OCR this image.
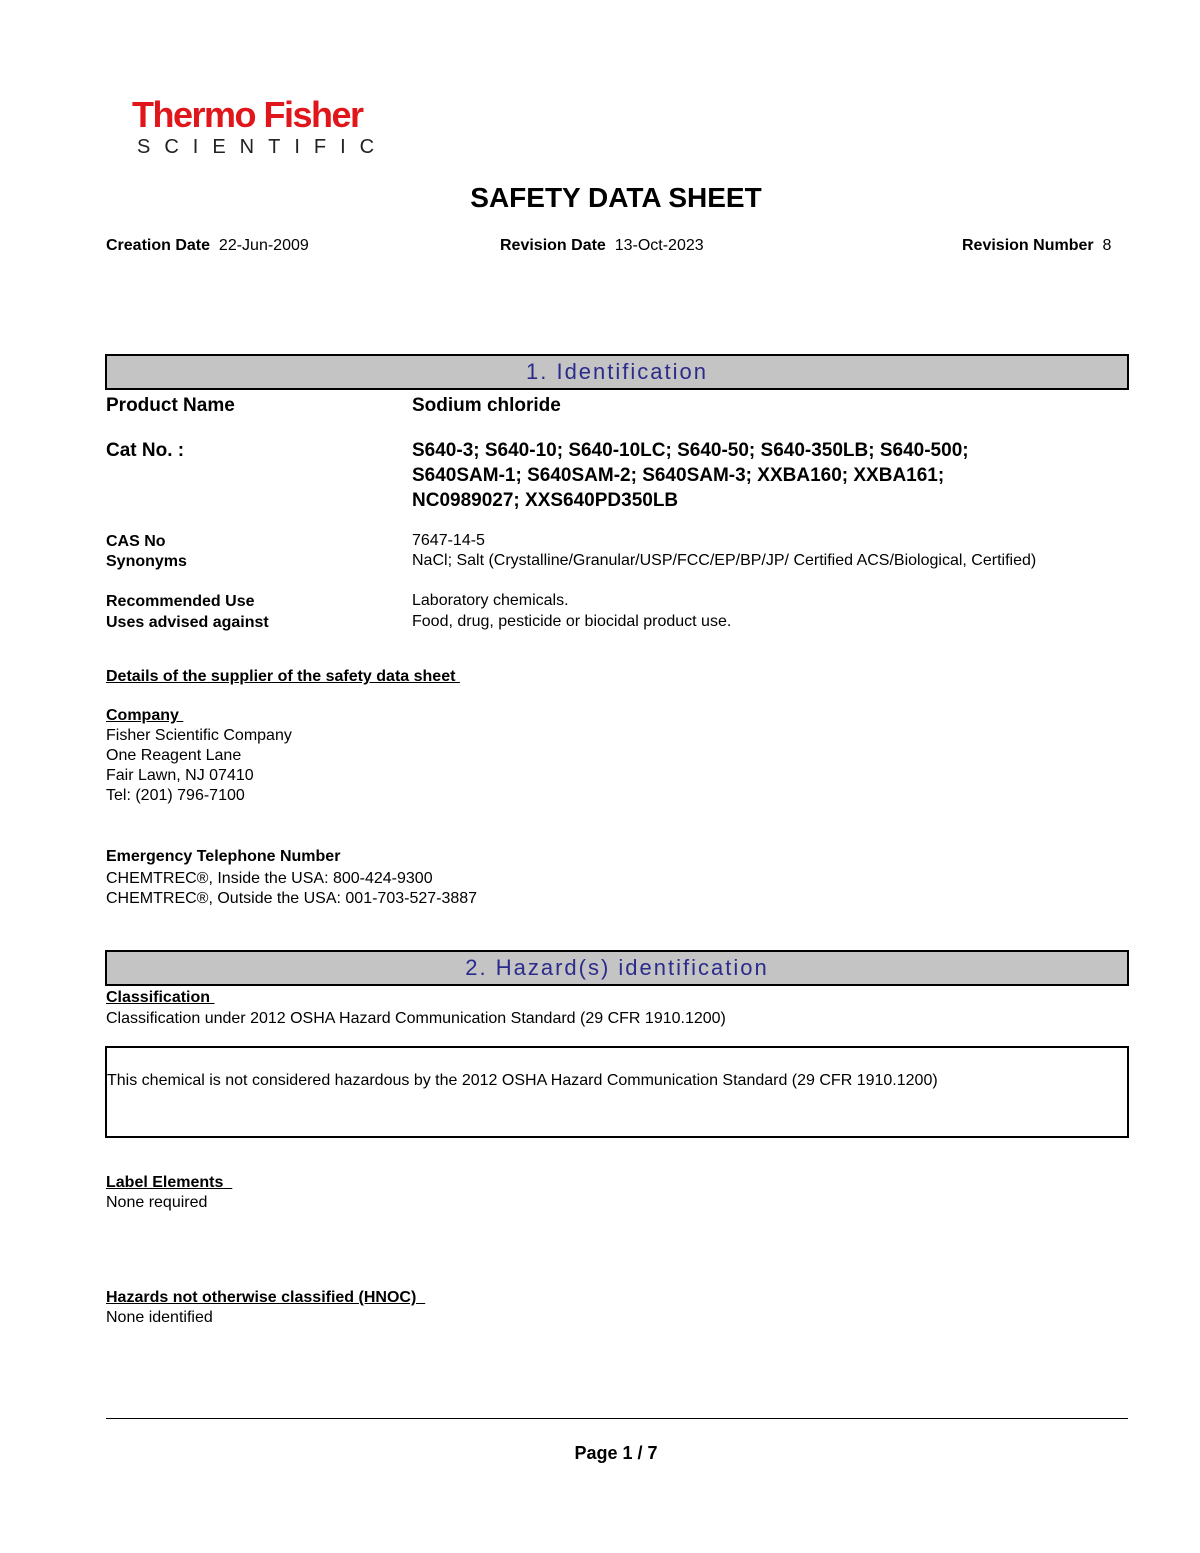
Thermo Fisher
SCIENTIFIC
SAFETY DATA SHEET
Creation Date 22-Jun-2009	Revision Date 13-Oct-2023	Revision Number 8
1. Identification
Product Name	Sodium chloride
Cat No. :	S640-3; S640-10; S640-10LC; S640-50; S640-350LB; S640-500;
S640SAM-1; S640SAM-2; S640SAM-3; XXBA160; XXBA161;
NC0989027; XXS640PD350LB
CAS No	7647-14-5
Synonyms	NaCl; Salt (Crystalline/Granular/USP/FCC/EP/BP/JP/ Certified ACS/Biological, Certified)
Recommended Use	Laboratory chemicals.
Uses advised against	Food, drug, pesticide or biocidal product use.
Details of the supplier of the safety data sheet
Company
Fisher Scientific Company
One Reagent Lane
Fair Lawn, NJ 07410
Tel: (201) 796-7100
Emergency Telephone Number
CHEMTREC®, Inside the USA: 800-424-9300
CHEMTREC®, Outside the USA: 001-703-527-3887
2. Hazard(s) identification
Classification
Classification under 2012 OSHA Hazard Communication Standard (29 CFR 1910.1200)
This chemical is not considered hazardous by the 2012 OSHA Hazard Communication Standard (29 CFR 1910.1200)
Label Elements
None required
Hazards not otherwise classified (HNOC)
None identified
Page 1 / 7
